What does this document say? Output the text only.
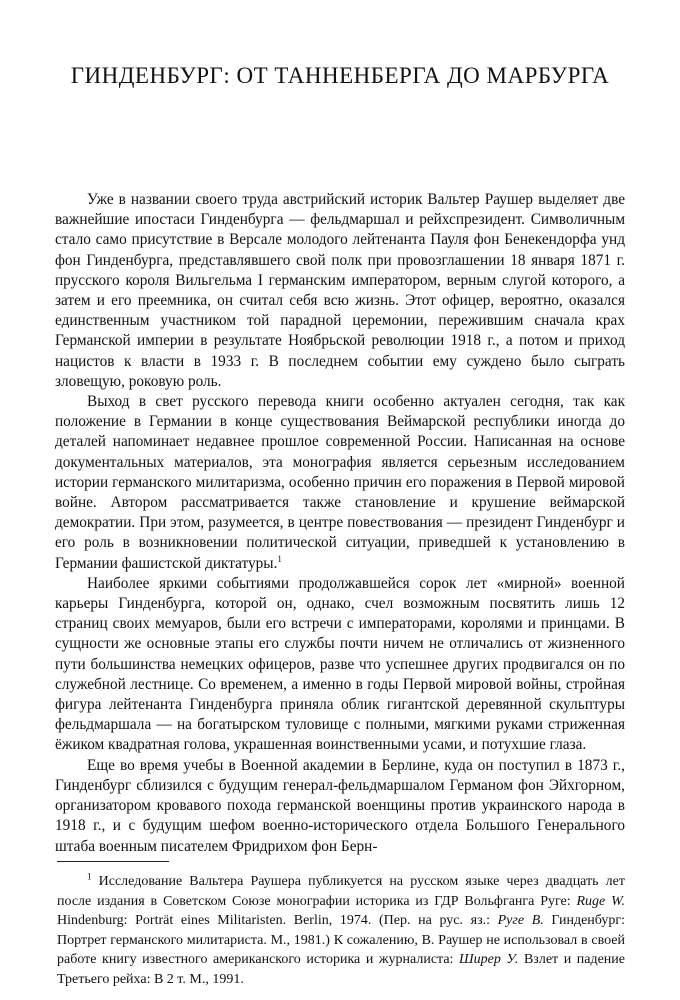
ГИНДЕНБУРГ: ОТ ТАННЕНБЕРГА ДО МАРБУРГА

Уже в названии своего труда австрийский историк Вальтер Раушер выделяет две важнейшие ипостаси Гинденбурга — фельдмаршал и рейхспрезидент. Символичным стало само присутствие в Версале молодого лейтенанта Пауля фон Бенекендорфа унд фон Гинденбурга, представлявшего свой полк при провозглашении 18 января 1871 г. прусского короля Вильгельма I германским императором, верным слугой которого, а затем и его преемника, он считал себя всю жизнь. Этот офицер, вероятно, оказался единственным участником той парадной церемонии, пережившим сначала крах Германской империи в результате Ноябрьской революции 1918 г., а потом и приход нацистов к власти в 1933 г. В последнем событии ему суждено было сыграть зловещую, роковую роль.

Выход в свет русского перевода книги особенно актуален сегодня, так как положение в Германии в конце существования Веймарской республики иногда до деталей напоминает недавнее прошлое современной России. Написанная на основе документальных материалов, эта монография является серьезным исследованием истории германского милитаризма, особенно причин его поражения в Первой мировой войне. Автором рассматривается также становление и крушение веймарской демократии. При этом, разумеется, в центре повествования — президент Гинденбург и его роль в возникновении политической ситуации, приведшей к установлению в Германии фашистской диктатуры.$^1$

Наиболее яркими событиями продолжавшейся сорок лет «мирной» военной карьеры Гинденбурга, которой он, однако, счел возможным посвятить лишь 12 страниц своих мемуаров, были его встречи с императорами, королями и принцами. В сущности же основные этапы его службы почти ничем не отличались от жизненного пути большинства немецких офицеров, разве что успешнее других продвигался он по служебной лестнице. Со временем, а именно в годы Первой мировой войны, стройная фигура лейтенанта Гинденбурга приняла облик гигантской деревянной скульптуры фельдмаршала — на богатырском туловище с полными, мягкими руками стриженная ёжиком квадратная голова, украшенная воинственными усами, и потухшие глаза.

Еще во время учебы в Военной академии в Берлине, куда он поступил в 1873 г., Гинденбург сблизился с будущим генерал-фельдмаршалом Германом фон Эйхгорном, организатором кровавого похода германской военщины против украинского народа в 1918 г., и с будущим шефом военно-исторического отдела Большого Генерального штаба военным писателем Фридрихом фон Берн-

$^1$ Исследование Вальтера Раушера публикуется на русском языке через двадцать лет после издания в Советском Союзе монографии историка из ГДР Вольфганга Руге: Ruge W. Hindenburg: Porträt eines Militaristen. Berlin, 1974. (Пер. на рус. яз.: Руге В. Гинденбург: Портрет германского милитариста. М., 1981.) К сожалению, В. Раушер не использовал в своей работе книгу известного американского историка и журналиста: Ширер У. Взлет и падение Третьего рейха: В 2 т. М., 1991.
